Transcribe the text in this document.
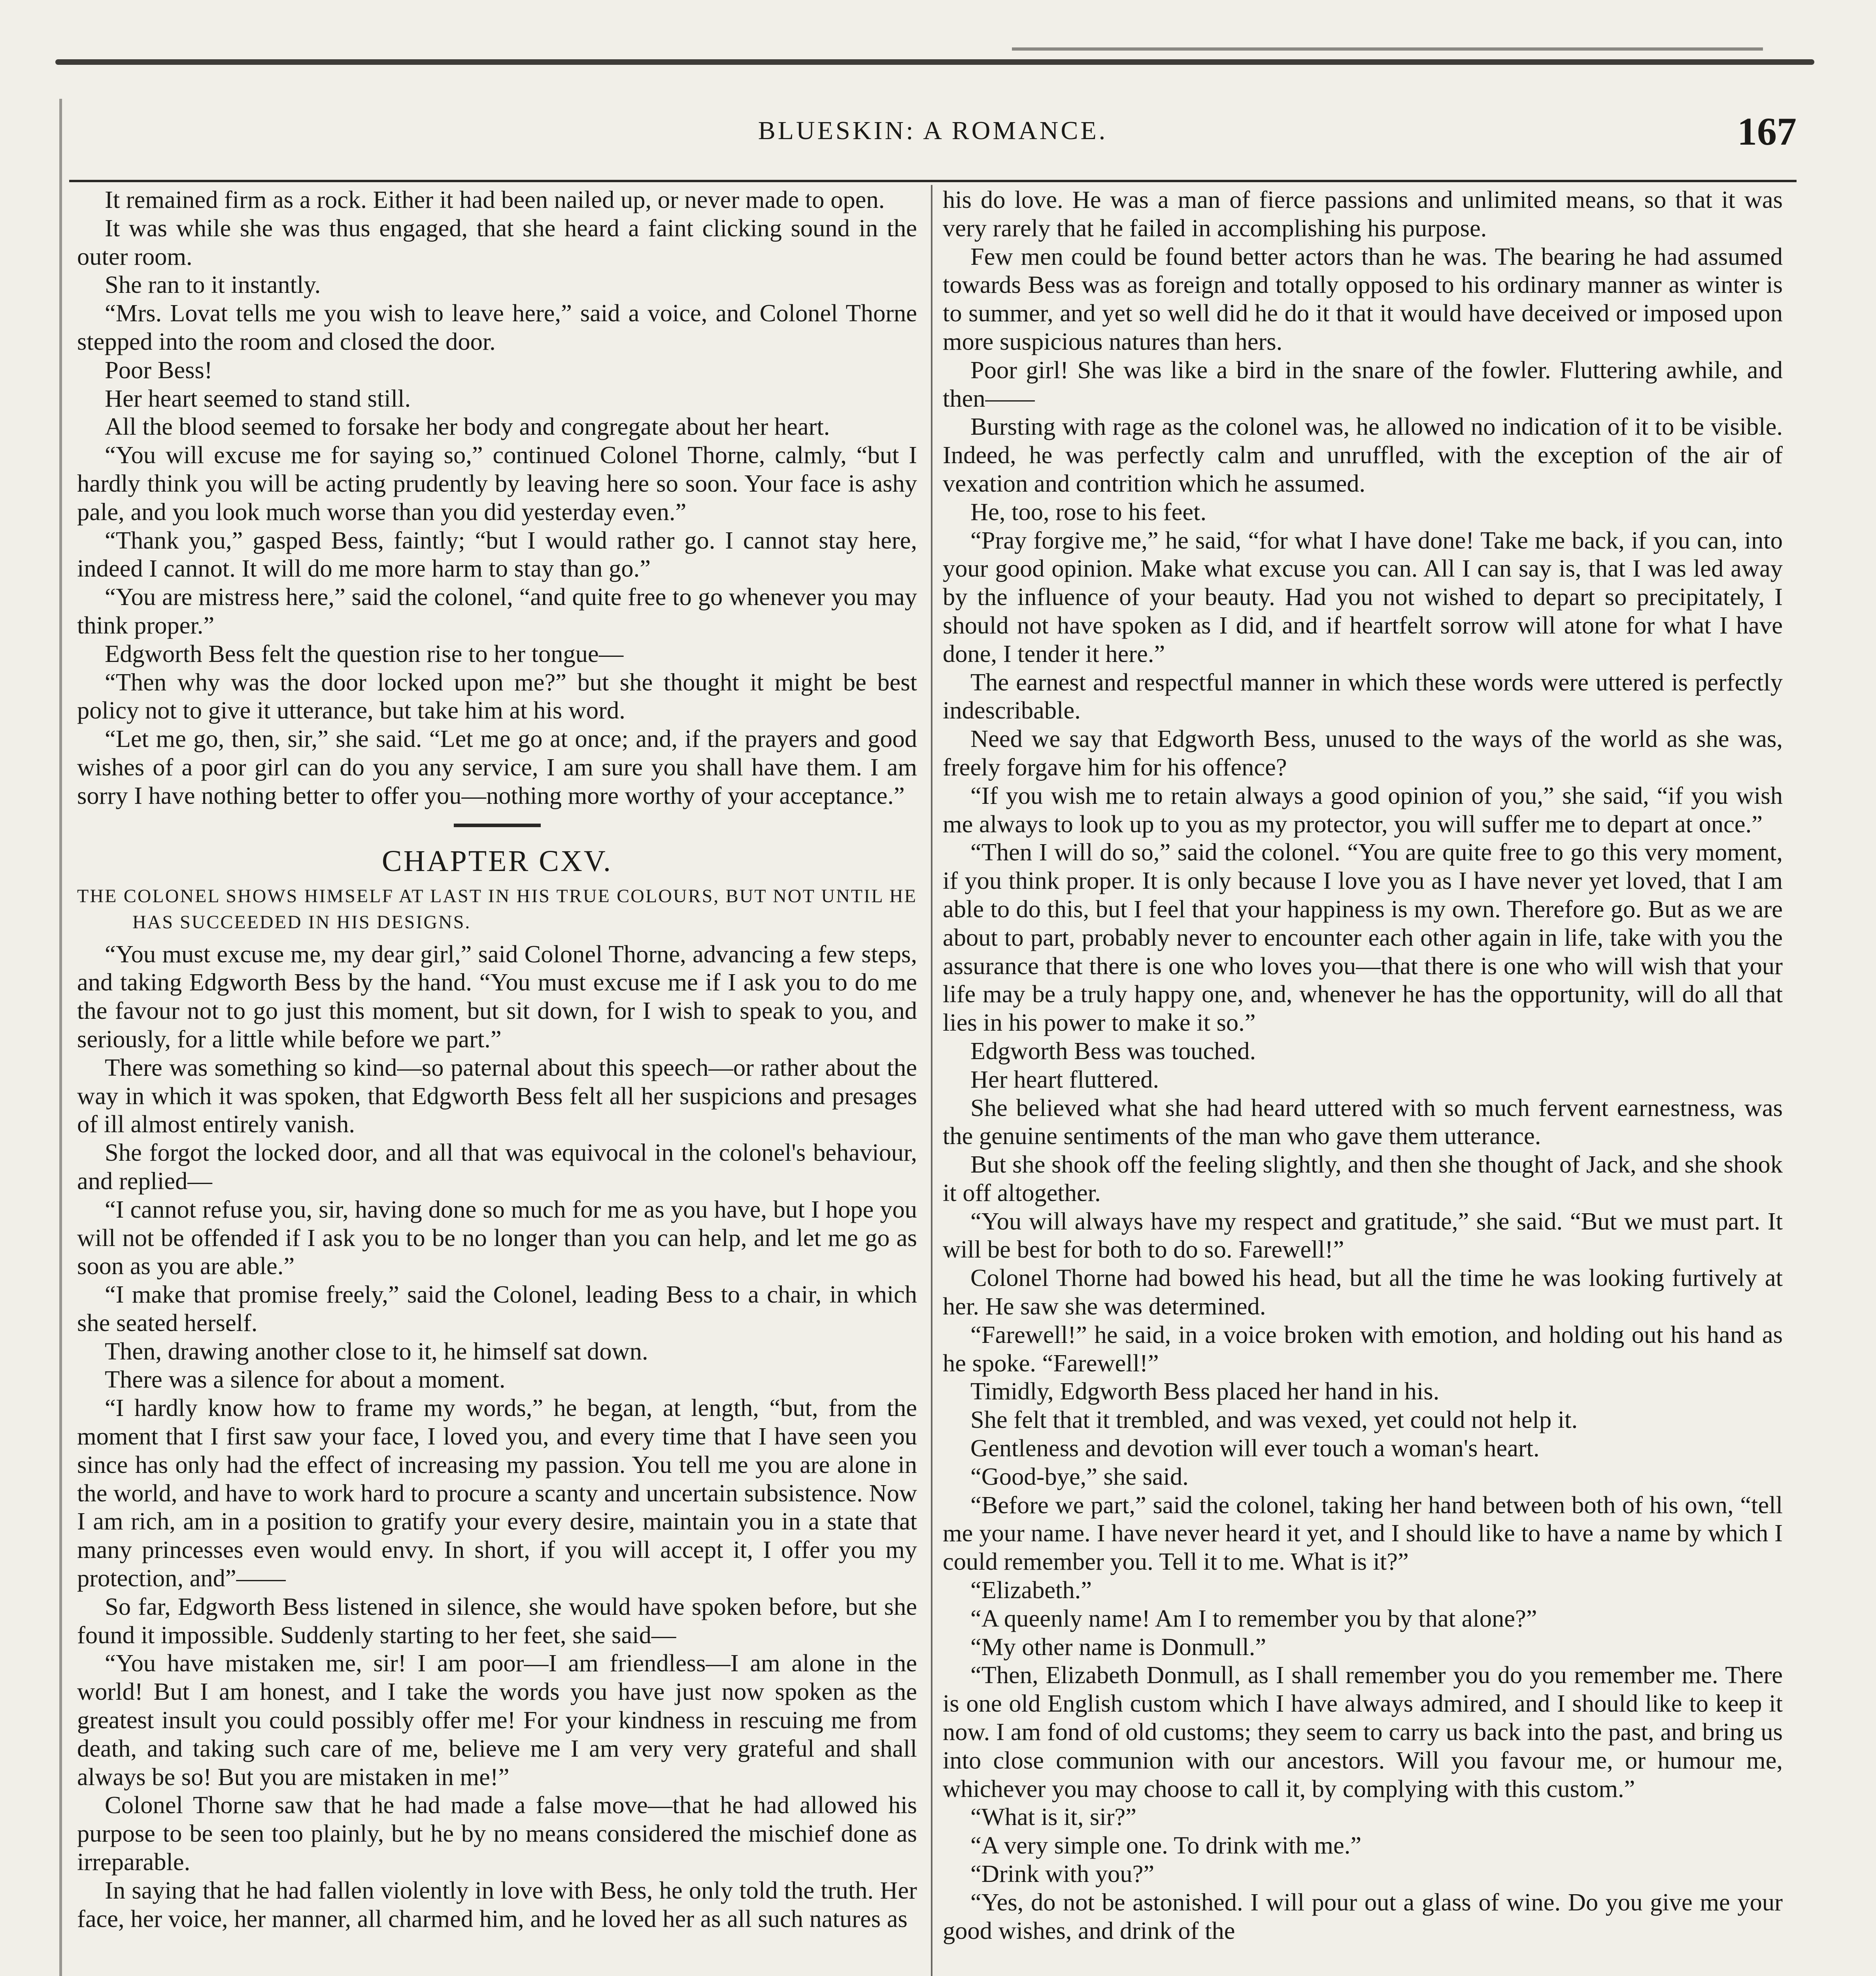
BLUESKIN: A ROMANCE.	167

It remained firm as a rock. Either it had been nailed up, or never made to open.

It was while she was thus engaged, that she heard a faint clicking sound in the outer room.

She ran to it instantly.

“Mrs. Lovat tells me you wish to leave here,” said a voice, and Colonel Thorne stepped into the room and closed the door.

Poor Bess!

Her heart seemed to stand still.

All the blood seemed to forsake her body and congregate about her heart.

“You will excuse me for saying so,” continued Colonel Thorne, calmly, “but I hardly think you will be acting prudently by leaving here so soon. Your face is ashy pale, and you look much worse than you did yesterday even.”

“Thank you,” gasped Bess, faintly; “but I would rather go. I cannot stay here, indeed I cannot. It will do me more harm to stay than go.”

“You are mistress here,” said the colonel, “and quite free to go whenever you may think proper.”

Edgworth Bess felt the question rise to her tongue—

“Then why was the door locked upon me?” but she thought it might be best policy not to give it utterance, but take him at his word.

“Let me go, then, sir,” she said. “Let me go at once; and, if the prayers and good wishes of a poor girl can do you any service, I am sure you shall have them. I am sorry I have nothing better to offer you—nothing more worthy of your acceptance.”

CHAPTER CXV.
THE COLONEL SHOWS HIMSELF AT LAST IN HIS TRUE COLOURS, BUT NOT UNTIL HE HAS SUCCEEDED IN HIS DESIGNS.

“You must excuse me, my dear girl,” said Colonel Thorne, advancing a few steps, and taking Edgworth Bess by the hand. “You must excuse me if I ask you to do me the favour not to go just this moment, but sit down, for I wish to speak to you, and seriously, for a little while before we part.”

There was something so kind—so paternal about this speech—or rather about the way in which it was spoken, that Edgworth Bess felt all her suspicions and presages of ill almost entirely vanish.

She forgot the locked door, and all that was equivocal in the colonel's behaviour, and replied—

“I cannot refuse you, sir, having done so much for me as you have, but I hope you will not be offended if I ask you to be no longer than you can help, and let me go as soon as you are able.”

“I make that promise freely,” said the Colonel, leading Bess to a chair, in which she seated herself.

Then, drawing another close to it, he himself sat down.

There was a silence for about a moment.

“I hardly know how to frame my words,” he began, at length, “but, from the moment that I first saw your face, I loved you, and every time that I have seen you since has only had the effect of increasing my passion. You tell me you are alone in the world, and have to work hard to procure a scanty and uncertain subsistence. Now I am rich, am in a position to gratify your every desire, maintain you in a state that many princesses even would envy. In short, if you will accept it, I offer you my protection, and”——

So far, Edgworth Bess listened in silence, she would have spoken before, but she found it impossible. Suddenly starting to her feet, she said—

“You have mistaken me, sir! I am poor—I am friendless—I am alone in the world! But I am honest, and I take the words you have just now spoken as the greatest insult you could possibly offer me! For your kindness in rescuing me from death, and taking such care of me, believe me I am very very grateful and shall always be so! But you are mistaken in me!”

Colonel Thorne saw that he had made a false move—that he had allowed his purpose to be seen too plainly, but he by no means considered the mischief done as irreparable.

In saying that he had fallen violently in love with Bess, he only told the truth. Her face, her voice, her manner, all charmed him, and he loved her as all such natures as

his do love. He was a man of fierce passions and unlimited means, so that it was very rarely that he failed in accomplishing his purpose.

Few men could be found better actors than he was. The bearing he had assumed towards Bess was as foreign and totally opposed to his ordinary manner as winter is to summer, and yet so well did he do it that it would have deceived or imposed upon more suspicious natures than hers.

Poor girl! She was like a bird in the snare of the fowler. Fluttering awhile, and then——

Bursting with rage as the colonel was, he allowed no indication of it to be visible. Indeed, he was perfectly calm and unruffled, with the exception of the air of vexation and contrition which he assumed.

He, too, rose to his feet.

“Pray forgive me,” he said, “for what I have done! Take me back, if you can, into your good opinion. Make what excuse you can. All I can say is, that I was led away by the influence of your beauty. Had you not wished to depart so precipitately, I should not have spoken as I did, and if heartfelt sorrow will atone for what I have done, I tender it here.”

The earnest and respectful manner in which these words were uttered is perfectly indescribable.

Need we say that Edgworth Bess, unused to the ways of the world as she was, freely forgave him for his offence?

“If you wish me to retain always a good opinion of you,” she said, “if you wish me always to look up to you as my protector, you will suffer me to depart at once.”

“Then I will do so,” said the colonel. “You are quite free to go this very moment, if you think proper. It is only because I love you as I have never yet loved, that I am able to do this, but I feel that your happiness is my own. Therefore go. But as we are about to part, probably never to encounter each other again in life, take with you the assurance that there is one who loves you—that there is one who will wish that your life may be a truly happy one, and, whenever he has the opportunity, will do all that lies in his power to make it so.”

Edgworth Bess was touched.

Her heart fluttered.

She believed what she had heard uttered with so much fervent earnestness, was the genuine sentiments of the man who gave them utterance.

But she shook off the feeling slightly, and then she thought of Jack, and she shook it off altogether.

“You will always have my respect and gratitude,” she said. “But we must part. It will be best for both to do so. Farewell!”

Colonel Thorne had bowed his head, but all the time he was looking furtively at her. He saw she was determined.

“Farewell!” he said, in a voice broken with emotion, and holding out his hand as he spoke. “Farewell!”

Timidly, Edgworth Bess placed her hand in his.

She felt that it trembled, and was vexed, yet could not help it.

Gentleness and devotion will ever touch a woman's heart.

“Good-bye,” she said.

“Before we part,” said the colonel, taking her hand between both of his own, “tell me your name. I have never heard it yet, and I should like to have a name by which I could remember you. Tell it to me. What is it?”

“Elizabeth.”

“A queenly name! Am I to remember you by that alone?”

“My other name is Donmull.”

“Then, Elizabeth Donmull, as I shall remember you do you remember me. There is one old English custom which I have always admired, and I should like to keep it now. I am fond of old customs; they seem to carry us back into the past, and bring us into close communion with our ancestors. Will you favour me, or humour me, whichever you may choose to call it, by complying with this custom.”

“What is it, sir?”

“A very simple one. To drink with me.”

“Drink with you?”

“Yes, do not be astonished. I will pour out a glass of wine. Do you give me your good wishes, and drink of the
